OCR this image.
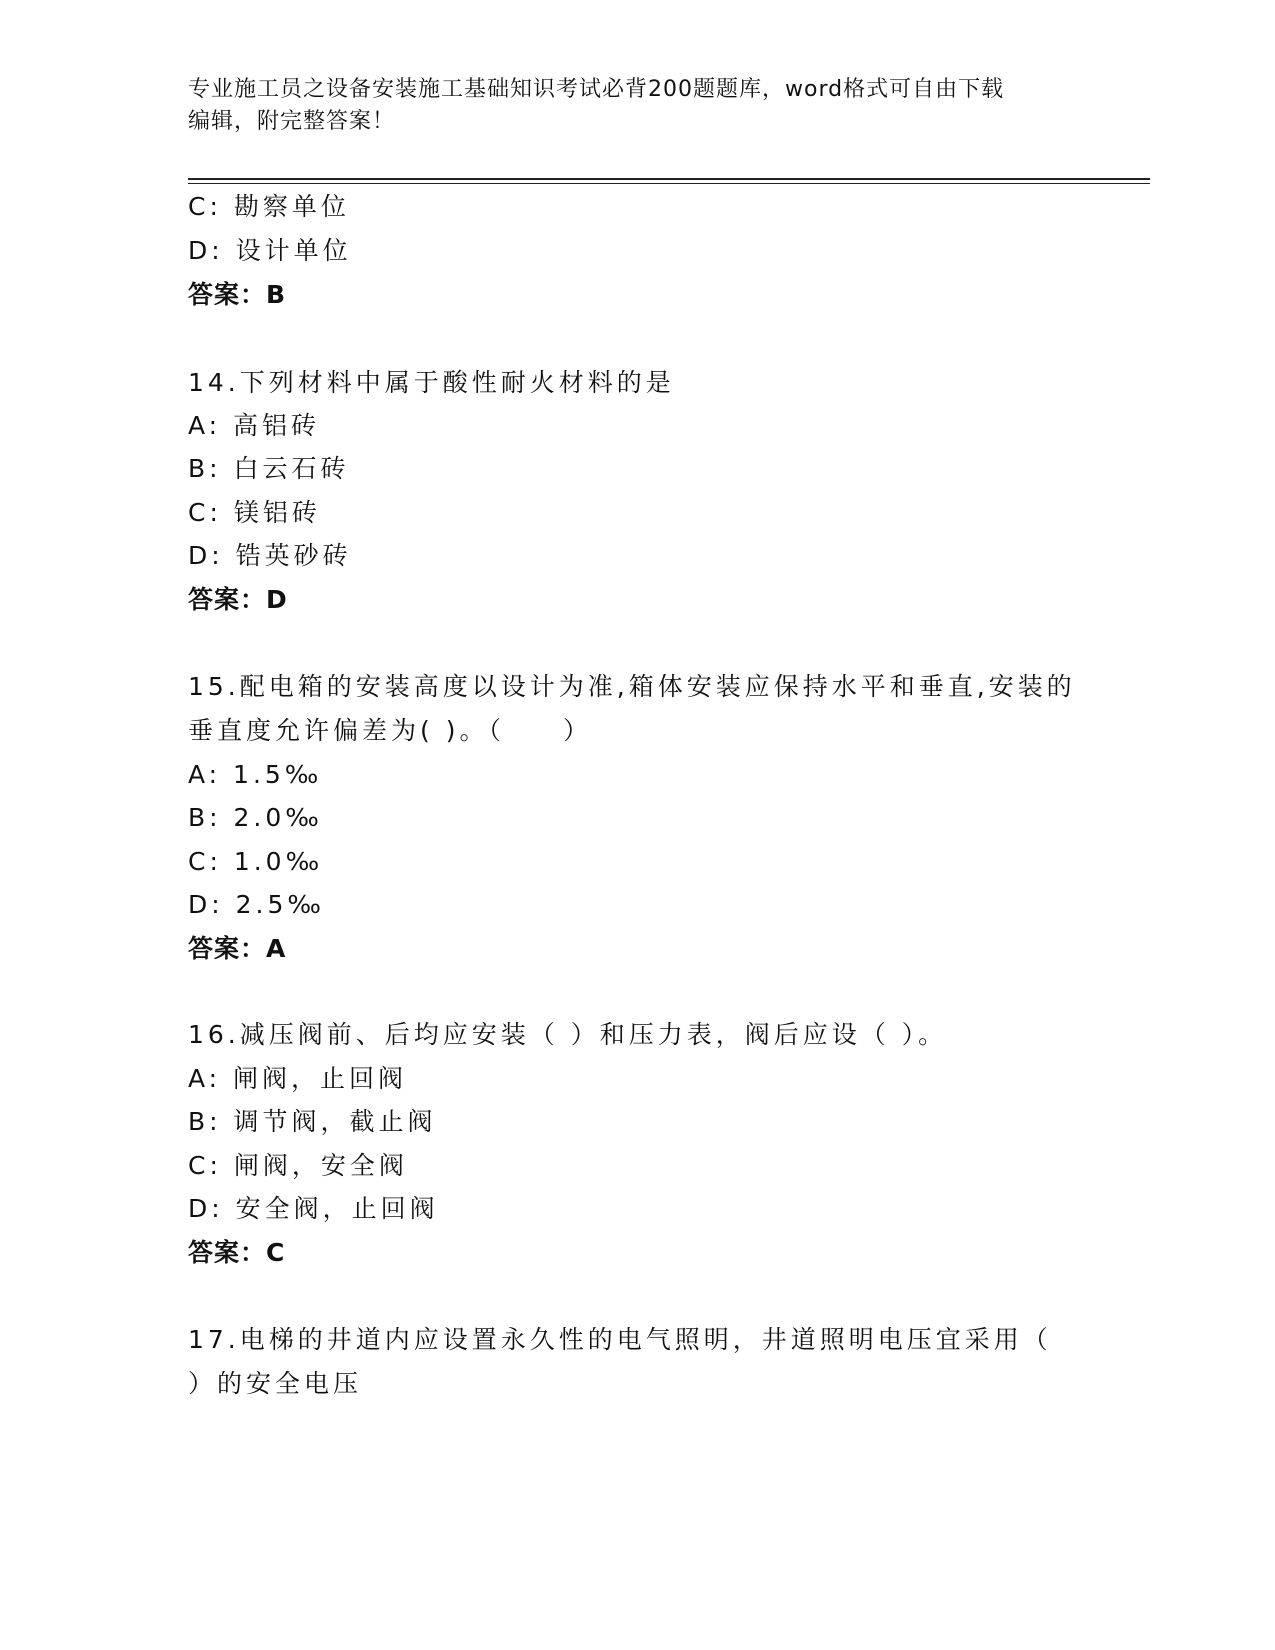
专业施工员之设备安装施工基础知识考试必背200题题库，word格式可自由下载
编辑，附完整答案！
C: 勘察单位
D: 设计单位
答案：B
14.下列材料中属于酸性耐火材料的是
A: 高铝砖
B: 白云石砖
C: 镁铝砖
D: 锆英砂砖
答案：D
15.配电箱的安装高度以设计为准,箱体安装应保持水平和垂直,安装的
垂直度允许偏差为( )。（　　）
A: 1.5‰
B: 2.0‰
C: 1.0‰
D: 2.5‰
答案：A
16.减压阀前、后均应安装（ ）和压力表，阀后应设（ ）。
A: 闸阀，止回阀
B: 调节阀，截止阀
C: 闸阀，安全阀
D: 安全阀，止回阀
答案：C
17.电梯的井道内应设置永久性的电气照明，井道照明电压宜采用（
）的安全电压
